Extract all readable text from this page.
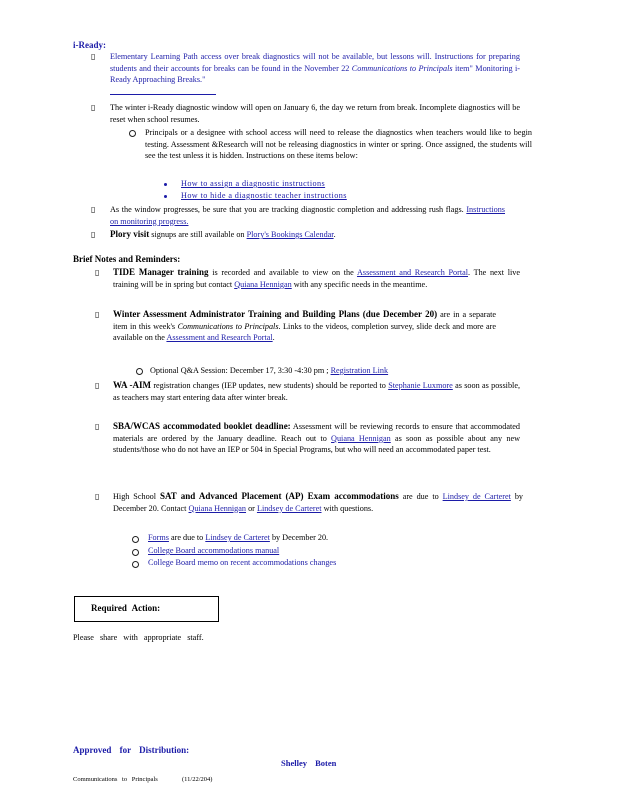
i-Ready:
▯ Elementary Learning Path access over break diagnostics will not be available, but lessons will. Instructions for preparing students and their accounts for breaks can be found in the November 22 Communications to Principals item" Monitoring i-Ready Approaching Breaks."
▯ The winter i-Ready diagnostic window will open on January 6, the day we return from break. Incomplete diagnostics will be reset when school resumes.
Principals or a designee with school access will need to release the diagnostics when teachers would like to begin testing. Assessment &Research will not be releasing diagnostics in winter or spring. Once assigned, the students will see the test unless it is hidden. Instructions on these items below:
How to assign a diagnostic instructions
How to hide a diagnostic teacher instructions
▯ As the window progresses, be sure that you are tracking diagnostic completion and addressing rush flags. Instructions on monitoring progress.
▯ Plory visit signups are still available on Plory's Bookings Calendar.
Brief Notes and Reminders:
▯ TIDE Manager training is recorded and available to view on the Assessment and Research Portal. The next live training will be in spring but contact Quiana Hennigan with any specific needs in the meantime.
▯ Winter Assessment Administrator Training and Building Plans (due December 20) are in a separate item in this week's Communications to Principals. Links to the videos, completion survey, slide deck and more are available on the Assessment and Research Portal.
Optional Q&A Session: December 17, 3:30 -4:30 pm ; Registration Link
▯ WA -AIM registration changes (IEP updates, new students) should be reported to Stephanie Luxmore as soon as possible, as teachers may start entering data after winter break.
▯ SBA/WCAS accommodated booklet deadline: Assessment will be reviewing records to ensure that accommodated materials are ordered by the January deadline. Reach out to Quiana Hennigan as soon as possible about any new students/those who do not have an IEP or 504 in Special Programs, but who will need an accommodated paper test.
▯ High School SAT and Advanced Placement (AP) Exam accommodations are due to Lindsey de Carteret by December 20. Contact Quiana Hennigan or Lindsey de Carteret with questions.
Forms are due to Lindsey de Carteret by December 20.
College Board accommodations manual
College Board memo on recent accommodations changes
Required Action:
Please share with appropriate staff.
Approved for Distribution:
Shelley Boten
Communications to Principals	(11/22/204)
